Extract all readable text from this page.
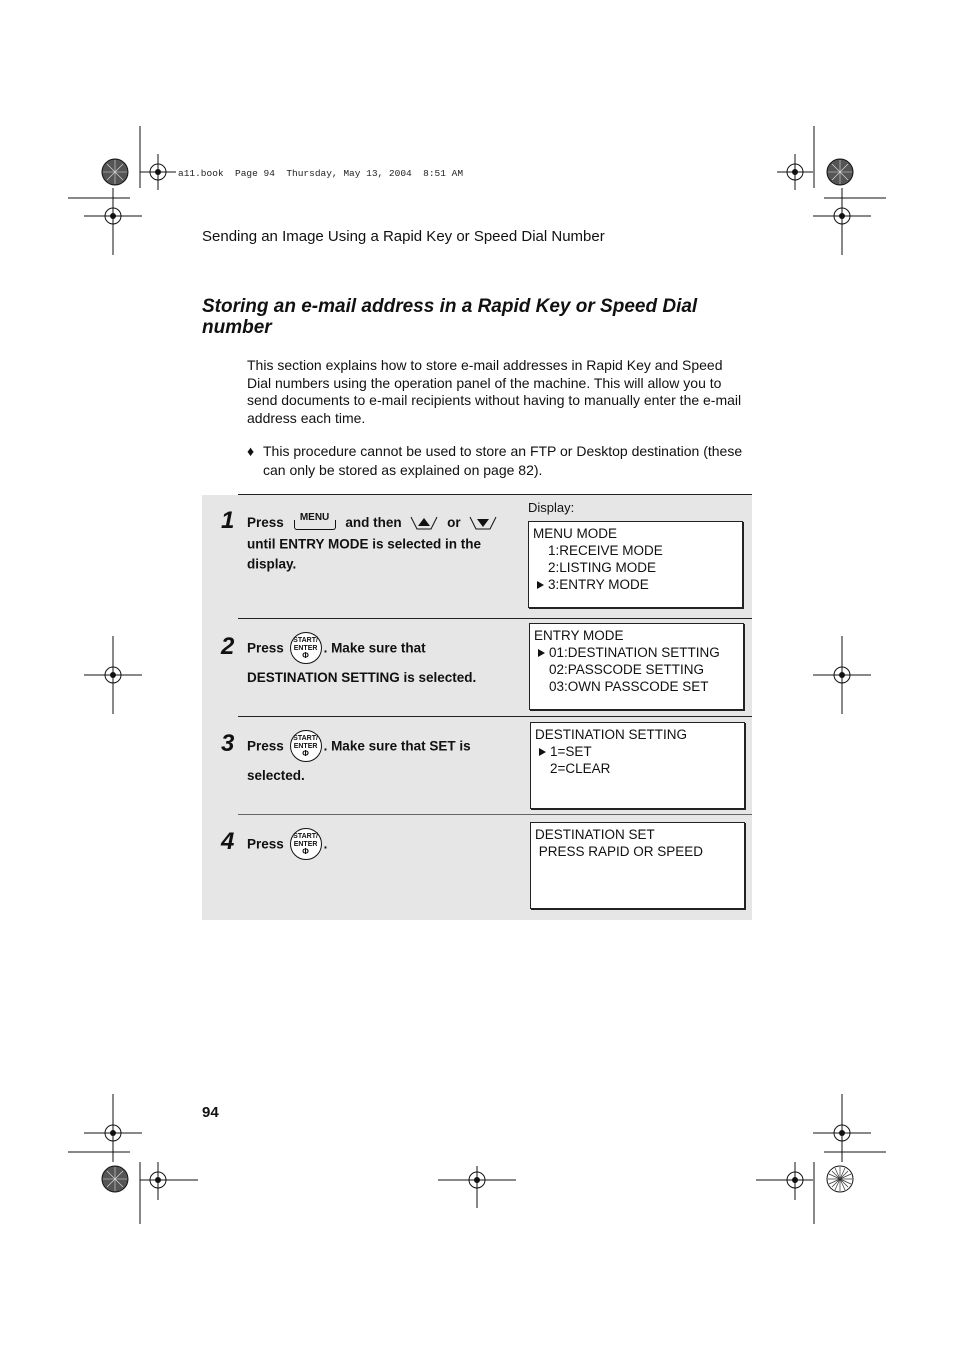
a11.book  Page 94  Thursday, May 13, 2004  8:51 AM
Sending an Image Using a Rapid Key or Speed Dial Number
Storing an e-mail address in a Rapid Key or Speed Dial number
This section explains how to store e-mail addresses in Rapid Key and Speed Dial numbers using the operation panel of the machine. This will allow you to send documents to e-mail recipients without having to manually enter the e-mail address each time.
♦ This procedure cannot be used to store an FTP or Desktop destination (these can only be stored as explained on page 82).
Display:
1 Press	MENU	and then	or
until ENTRY MODE is selected in the display.
MENU MODE
1:RECEIVE MODE
2:LISTING MODE
3:ENTRY MODE
2 Press	START/
ENTER
Φ	. Make sure that
DESTINATION SETTING is selected.
ENTRY MODE
01:DESTINATION SETTING
02:PASSCODE SETTING
03:OWN PASSCODE SET
3 Press	START/
ENTER
Φ	. Make sure that SET is
selected.
DESTINATION SETTING
1=SET
2=CLEAR
4 Press	START/
ENTER
Φ	.
DESTINATION SET
PRESS RAPID OR SPEED
94
